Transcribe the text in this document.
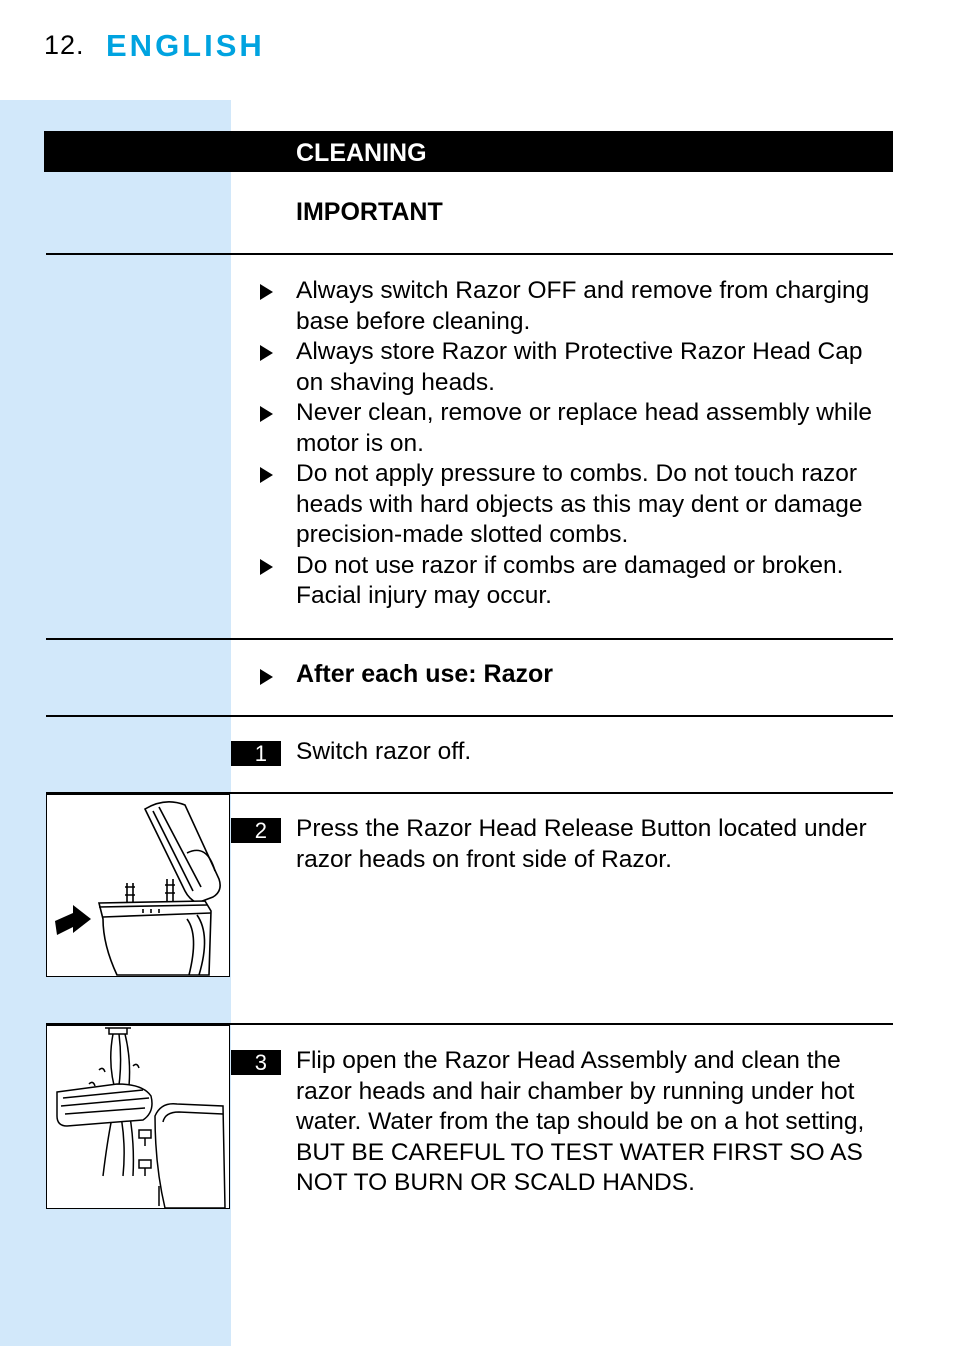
12. ENGLISH
CLEANING
IMPORTANT
Always switch Razor OFF and remove from charging base before cleaning.
Always store Razor with Protective Razor Head Cap on shaving heads.
Never clean, remove or replace head assembly while motor is on.
Do not apply pressure to combs. Do not touch razor heads with hard objects as this may dent or damage precision-made slotted combs.
Do not use razor if combs are damaged or broken. Facial injury may occur.
After each use: Razor
1	Switch razor off.
2	Press the Razor Head Release Button located under razor heads on front side of Razor.
3	Flip open the Razor Head Assembly and clean the razor heads and hair chamber by running under hot water. Water from the tap should be on a hot setting, BUT BE CAREFUL TO TEST WATER FIRST SO AS NOT TO BURN OR SCALD HANDS.
